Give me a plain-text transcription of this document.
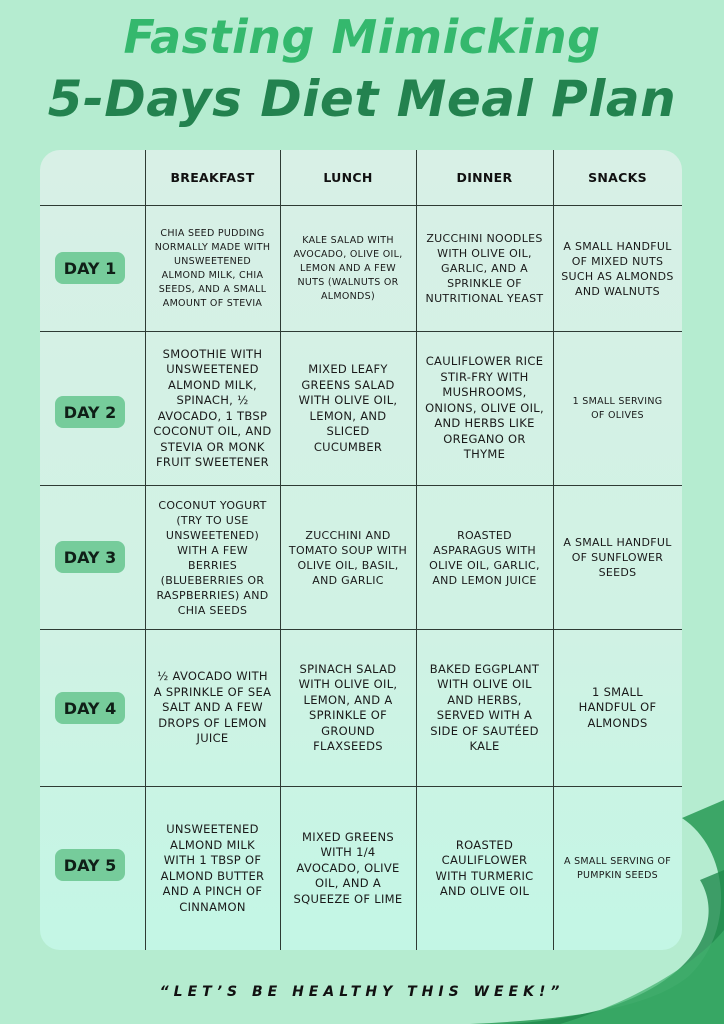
Fasting Mimicking
5-Days Diet Meal Plan
BREAKFAST	LUNCH	DINNER	SNACKS
DAY 1
CHIA SEED PUDDING NORMALLY MADE WITH UNSWEETENED ALMOND MILK, CHIA SEEDS, AND A SMALL AMOUNT OF STEVIA
KALE SALAD WITH AVOCADO, OLIVE OIL, LEMON AND A FEW NUTS (WALNUTS OR ALMONDS)
ZUCCHINI NOODLES WITH OLIVE OIL, GARLIC, AND A SPRINKLE OF NUTRITIONAL YEAST
A SMALL HANDFUL OF MIXED NUTS SUCH AS ALMONDS AND WALNUTS
DAY 2
SMOOTHIE WITH UNSWEETENED ALMOND MILK, SPINACH, ½ AVOCADO, 1 TBSP COCONUT OIL, AND STEVIA OR MONK FRUIT SWEETENER
MIXED LEAFY GREENS SALAD WITH OLIVE OIL, LEMON, AND SLICED CUCUMBER
CAULIFLOWER RICE STIR-FRY WITH MUSHROOMS, ONIONS, OLIVE OIL, AND HERBS LIKE OREGANO OR THYME
1 SMALL SERVING OF OLIVES
DAY 3
COCONUT YOGURT (TRY TO USE UNSWEETENED) WITH A FEW BERRIES (BLUEBERRIES OR RASPBERRIES) AND CHIA SEEDS
ZUCCHINI AND TOMATO SOUP WITH OLIVE OIL, BASIL, AND GARLIC
ROASTED ASPARAGUS WITH OLIVE OIL, GARLIC, AND LEMON JUICE
A SMALL HANDFUL OF SUNFLOWER SEEDS
DAY 4
½ AVOCADO WITH A SPRINKLE OF SEA SALT AND A FEW DROPS OF LEMON JUICE
SPINACH SALAD WITH OLIVE OIL, LEMON, AND A SPRINKLE OF GROUND FLAXSEEDS
BAKED EGGPLANT WITH OLIVE OIL AND HERBS, SERVED WITH A SIDE OF SAUTÉED KALE
1 SMALL HANDFUL OF ALMONDS
DAY 5
UNSWEETENED ALMOND MILK WITH 1 TBSP OF ALMOND BUTTER AND A PINCH OF CINNAMON
MIXED GREENS WITH 1/4 AVOCADO, OLIVE OIL, AND A SQUEEZE OF LIME
ROASTED CAULIFLOWER WITH TURMERIC AND OLIVE OIL
A SMALL SERVING OF PUMPKIN SEEDS
“LET’S BE HEALTHY THIS WEEK!”
